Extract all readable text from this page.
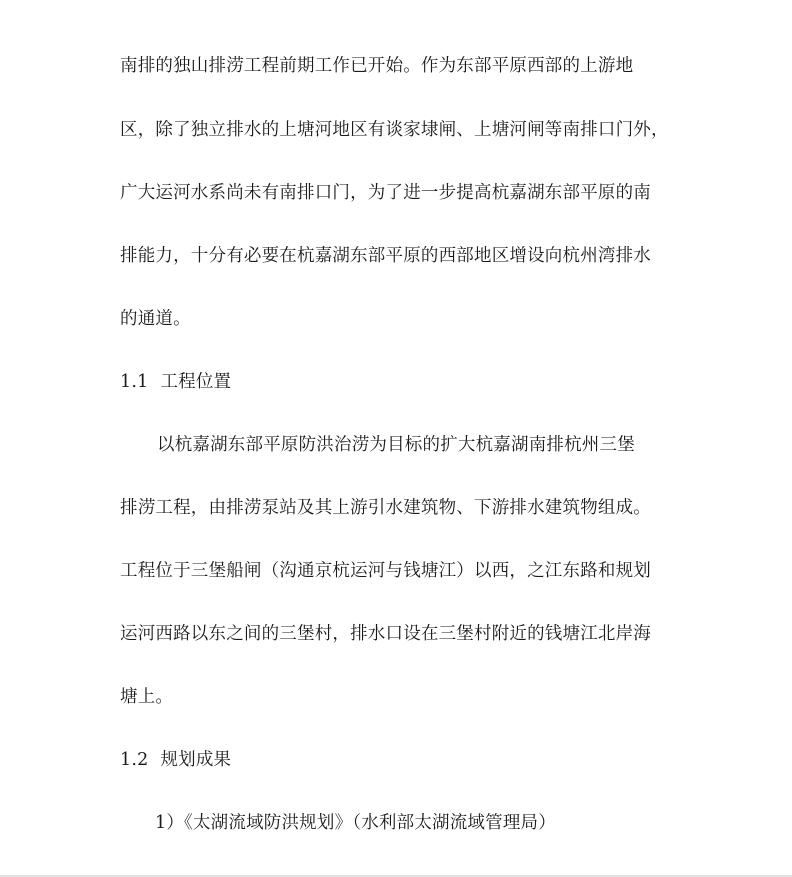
南排的独山排涝工程前期工作已开始。作为东部平原西部的上游地
区，除了独立排水的上塘河地区有谈家埭闸、上塘河闸等南排口门外，
广大运河水系尚未有南排口门，为了进一步提高杭嘉湖东部平原的南
排能力，十分有必要在杭嘉湖东部平原的西部地区增设向杭州湾排水
的通道。
1.1 工程位置
以杭嘉湖东部平原防洪治涝为目标的扩大杭嘉湖南排杭州三堡
排涝工程，由排涝泵站及其上游引水建筑物、下游排水建筑物组成。
工程位于三堡船闸（沟通京杭运河与钱塘江）以西，之江东路和规划
运河西路以东之间的三堡村，排水口设在三堡村附近的钱塘江北岸海
塘上。
1.2 规划成果
1）《太湖流域防洪规划》（水利部太湖流域管理局）
